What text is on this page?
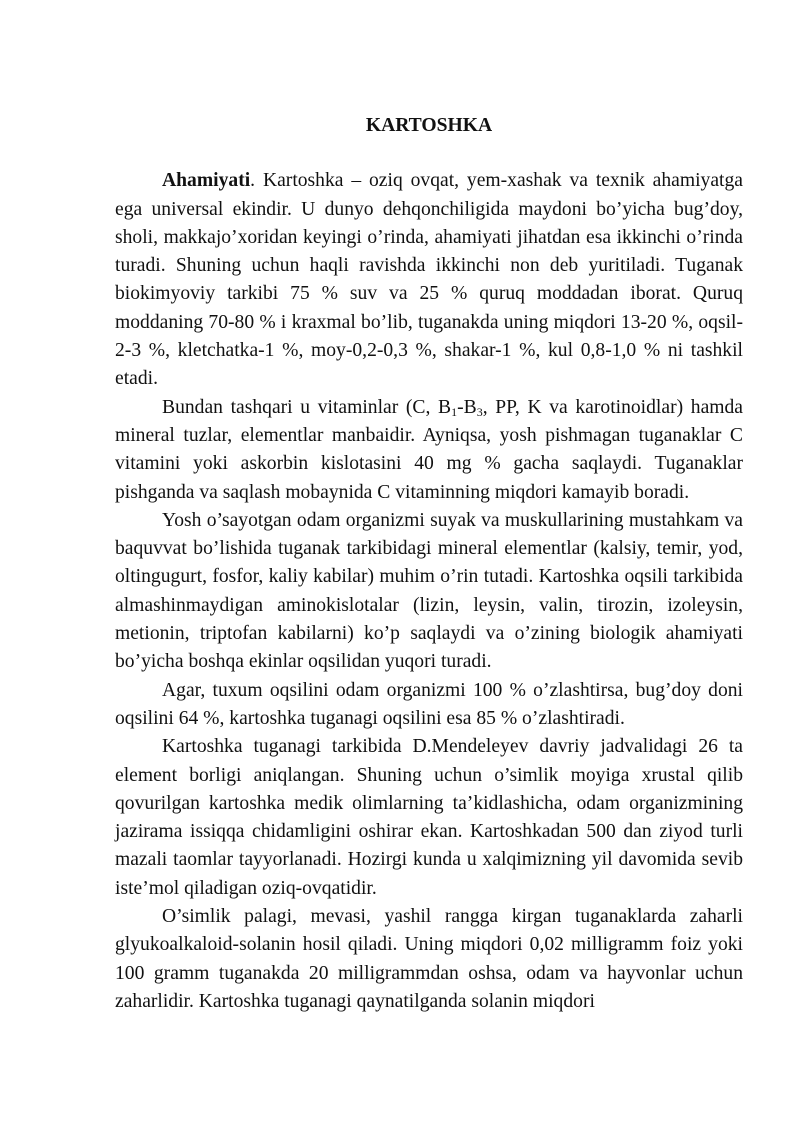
KARTOSHKA

Ahamiyati. Kartoshka – oziq ovqat, yem-xashak va texnik ahamiyatga ega universal ekindir. U dunyo dehqonchiligida maydoni bo’yicha bug’doy, sholi, makkajo’xoridan keyingi o’rinda, ahamiyati jihatdan esa ikkinchi o’rinda turadi. Shuning uchun haqli ravishda ikkinchi non deb yuritiladi. Tuganak biokimyoviy tarkibi 75 % suv va 25 % quruq moddadan iborat. Quruq moddaning 70-80 % i kraxmal bo’lib, tuganakda uning miqdori 13-20 %, oqsil-2-3 %, kletchatka-1 %, moy-0,2-0,3 %, shakar-1 %, kul 0,8-1,0 % ni tashkil etadi.

Bundan tashqari u vitaminlar (C, $B_1-B_3$, PP, K va karotinoidlar) hamda mineral tuzlar, elementlar manbaidir. Ayniqsa, yosh pishmagan tuganaklar C vitamini yoki askorbin kislotasini 40 mg % gacha saqlaydi. Tuganaklar pishganda va saqlash mobaynida C vitaminning miqdori kamayib boradi.

Yosh o’sayotgan odam organizmi suyak va muskullarining mustahkam va baquvvat bo’lishida tuganak tarkibidagi mineral elementlar (kalsiy, temir, yod, oltingugurt, fosfor, kaliy kabilar) muhim o’rin tutadi. Kartoshka oqsili tarkibida almashinmaydigan aminokislotalar (lizin, leysin, valin, tirozin, izoleysin, metionin, triptofan kabilarni) ko’p saqlaydi va o’zining biologik ahamiyati bo’yicha boshqa ekinlar oqsilidan yuqori turadi.

Agar, tuxum oqsilini odam organizmi 100 % o’zlashtirsa, bug’doy doni oqsilini 64 %, kartoshka tuganagi oqsilini esa 85 % o’zlashtiradi.

Kartoshka tuganagi tarkibida D.Mendeleyev davriy jadvalidagi 26 ta element borligi aniqlangan. Shuning uchun o’simlik moyiga xrustal qilib qovurilgan kartoshka medik olimlarning ta’kidlashicha, odam organizmining jazirama issiqqa chidamligini oshirar ekan. Kartoshkadan 500 dan ziyod turli mazali taomlar tayyorlanadi. Hozirgi kunda u xalqimizning yil davomida sevib iste’mol qiladigan oziq-ovqatidir.

O’simlik palagi, mevasi, yashil rangga kirgan tuganaklarda zaharli glyukoalkaloid-solanin hosil qiladi. Uning miqdori 0,02 milligramm foiz yoki 100 gramm tuganakda 20 milligrammdan oshsa, odam va hayvonlar uchun zaharlidir. Kartoshka tuganagi qaynatilganda solanin miqdori
